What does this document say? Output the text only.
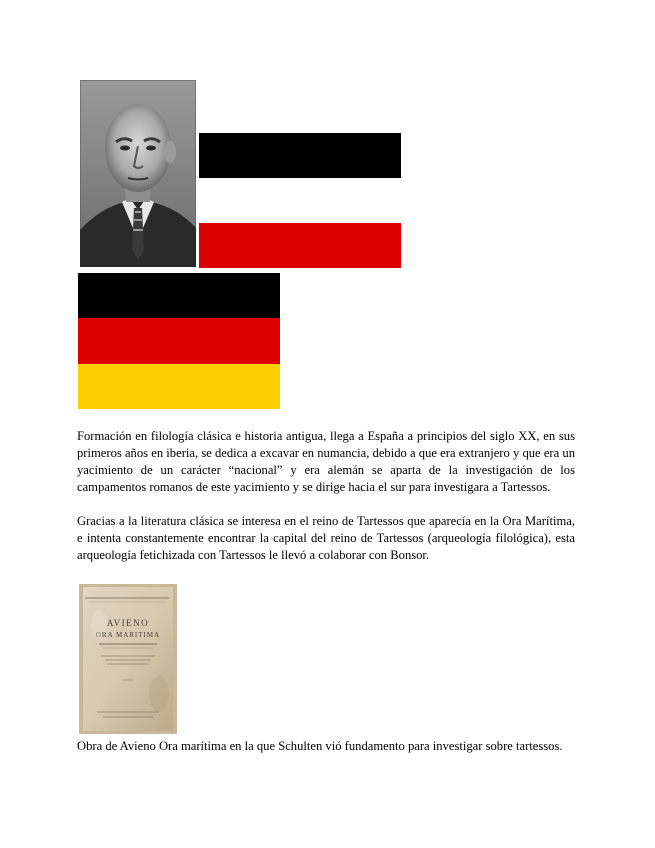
Formación en filología clásica e historia antigua, llega a España a principios del siglo XX, en sus primeros años en iberia, se dedica a excavar en numancia, debido a que era extranjero y que era un yacimiento de un carácter “nacional” y era alemán se aparta de la investigación de los campamentos romanos de este yacimiento y se dirige hacia el sur para investigara a Tartessos.

Gracias a la literatura clásica se interesa en el reino de Tartessos que aparecía en la Ora Marítima, e intenta constantemente encontrar la capital del reino de Tartessos (arqueología filológica), esta arqueología fetichizada con Tartessos le llevó a colaborar con Bonsor.

AVIENO
ORA MARITIMA

Obra de Avieno Ora marítima en la que Schulten vió fundamento para investigar sobre tartessos.
